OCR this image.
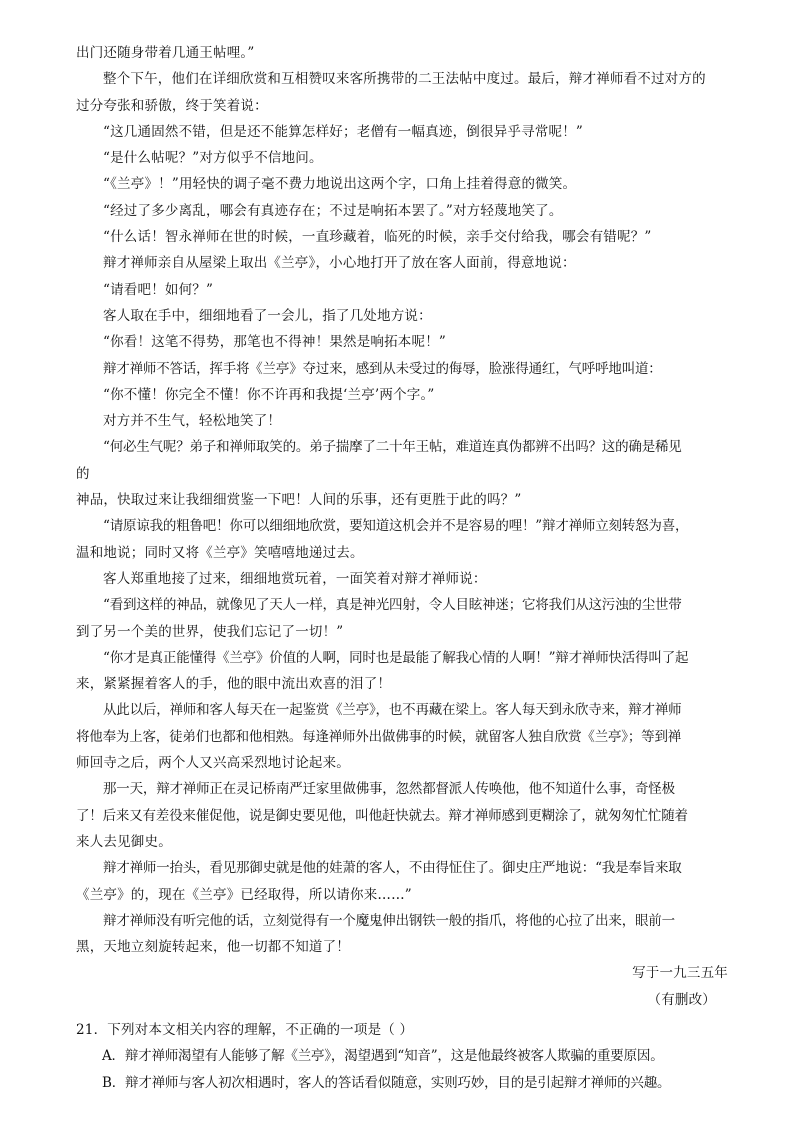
出门还随身带着几通王帖哩。”
整个下午，他们在详细欣赏和互相赞叹来客所携带的二王法帖中度过。最后，辩才禅师看不过对方的
过分夸张和骄傲，终于笑着说：
“这几通固然不错，但是还不能算怎样好；老僧有一幅真迹，倒很异乎寻常呢！”
“是什么帖呢？”对方似乎不信地问。
“《兰亭》！”用轻快的调子毫不费力地说出这两个字，口角上挂着得意的微笑。
“经过了多少离乱，哪会有真迹存在；不过是响拓本罢了。”对方轻蔑地笑了。
“什么话！智永禅师在世的时候，一直珍藏着，临死的时候，亲手交付给我，哪会有错呢？”
辩才禅师亲自从屋梁上取出《兰亭》，小心地打开了放在客人面前，得意地说：
“请看吧！如何？”
客人取在手中，细细地看了一会儿，指了几处地方说：
“你看！这笔不得势，那笔也不得神！果然是响拓本呢！”
辩才禅师不答话，挥手将《兰亭》夺过来，感到从未受过的侮辱，脸涨得通红，气呼呼地叫道：
“你不懂！你完全不懂！你不许再和我提‘兰亭’两个字。”
对方并不生气，轻松地笑了！
“何必生气呢？弟子和禅师取笑的。弟子揣摩了二十年王帖，难道连真伪都辨不出吗？这的确是稀见
的
神品，快取过来让我细细赏鉴一下吧！人间的乐事，还有更胜于此的吗？”
“请原谅我的粗鲁吧！你可以细细地欣赏，要知道这机会并不是容易的哩！”辩才禅师立刻转怒为喜，
温和地说；同时又将《兰亭》笑嘻嘻地递过去。
客人郑重地接了过来，细细地赏玩着，一面笑着对辩才禅师说：
“看到这样的神品，就像见了天人一样，真是神光四射，令人目眩神迷；它将我们从这污浊的尘世带
到了另一个美的世界，使我们忘记了一切！”
“你才是真正能懂得《兰亭》价值的人啊，同时也是最能了解我心情的人啊！”辩才禅师快活得叫了起
来，紧紧握着客人的手，他的眼中流出欢喜的泪了！
从此以后，禅师和客人每天在一起鉴赏《兰亭》，也不再藏在梁上。客人每天到永欣寺来，辩才禅师
将他奉为上客，徒弟们也都和他相熟。每逢禅师外出做佛事的时候，就留客人独自欣赏《兰亭》；等到禅
师回寺之后，两个人又兴高采烈地讨论起来。
那一天，辩才禅师正在灵记桥南严迁家里做佛事，忽然都督派人传唤他，他不知道什么事，奇怪极
了！后来又有差役来催促他，说是御史要见他，叫他赶快就去。辩才禅师感到更糊涂了，就匆匆忙忙随着
来人去见御史。
辩才禅师一抬头，看见那御史就是他的娃萧的客人，不由得怔住了。御史庄严地说：“我是奉旨来取
《兰亭》的，现在《兰亭》已经取得，所以请你来……”
辩才禅师没有听完他的话，立刻觉得有一个魔鬼伸出钢铁一般的指爪，将他的心拉了出来，眼前一
黑，天地立刻旋转起来，他一切都不知道了！
写于一九三五年
（有删改）
21．下列对本文相关内容的理解，不正确的一项是（ ）
A．辩才禅师渴望有人能够了解《兰亭》，渴望遇到“知音”，这是他最终被客人欺骗的重要原因。
B．辩才禅师与客人初次相遇时，客人的答话看似随意，实则巧妙，目的是引起辩才禅师的兴趣。
